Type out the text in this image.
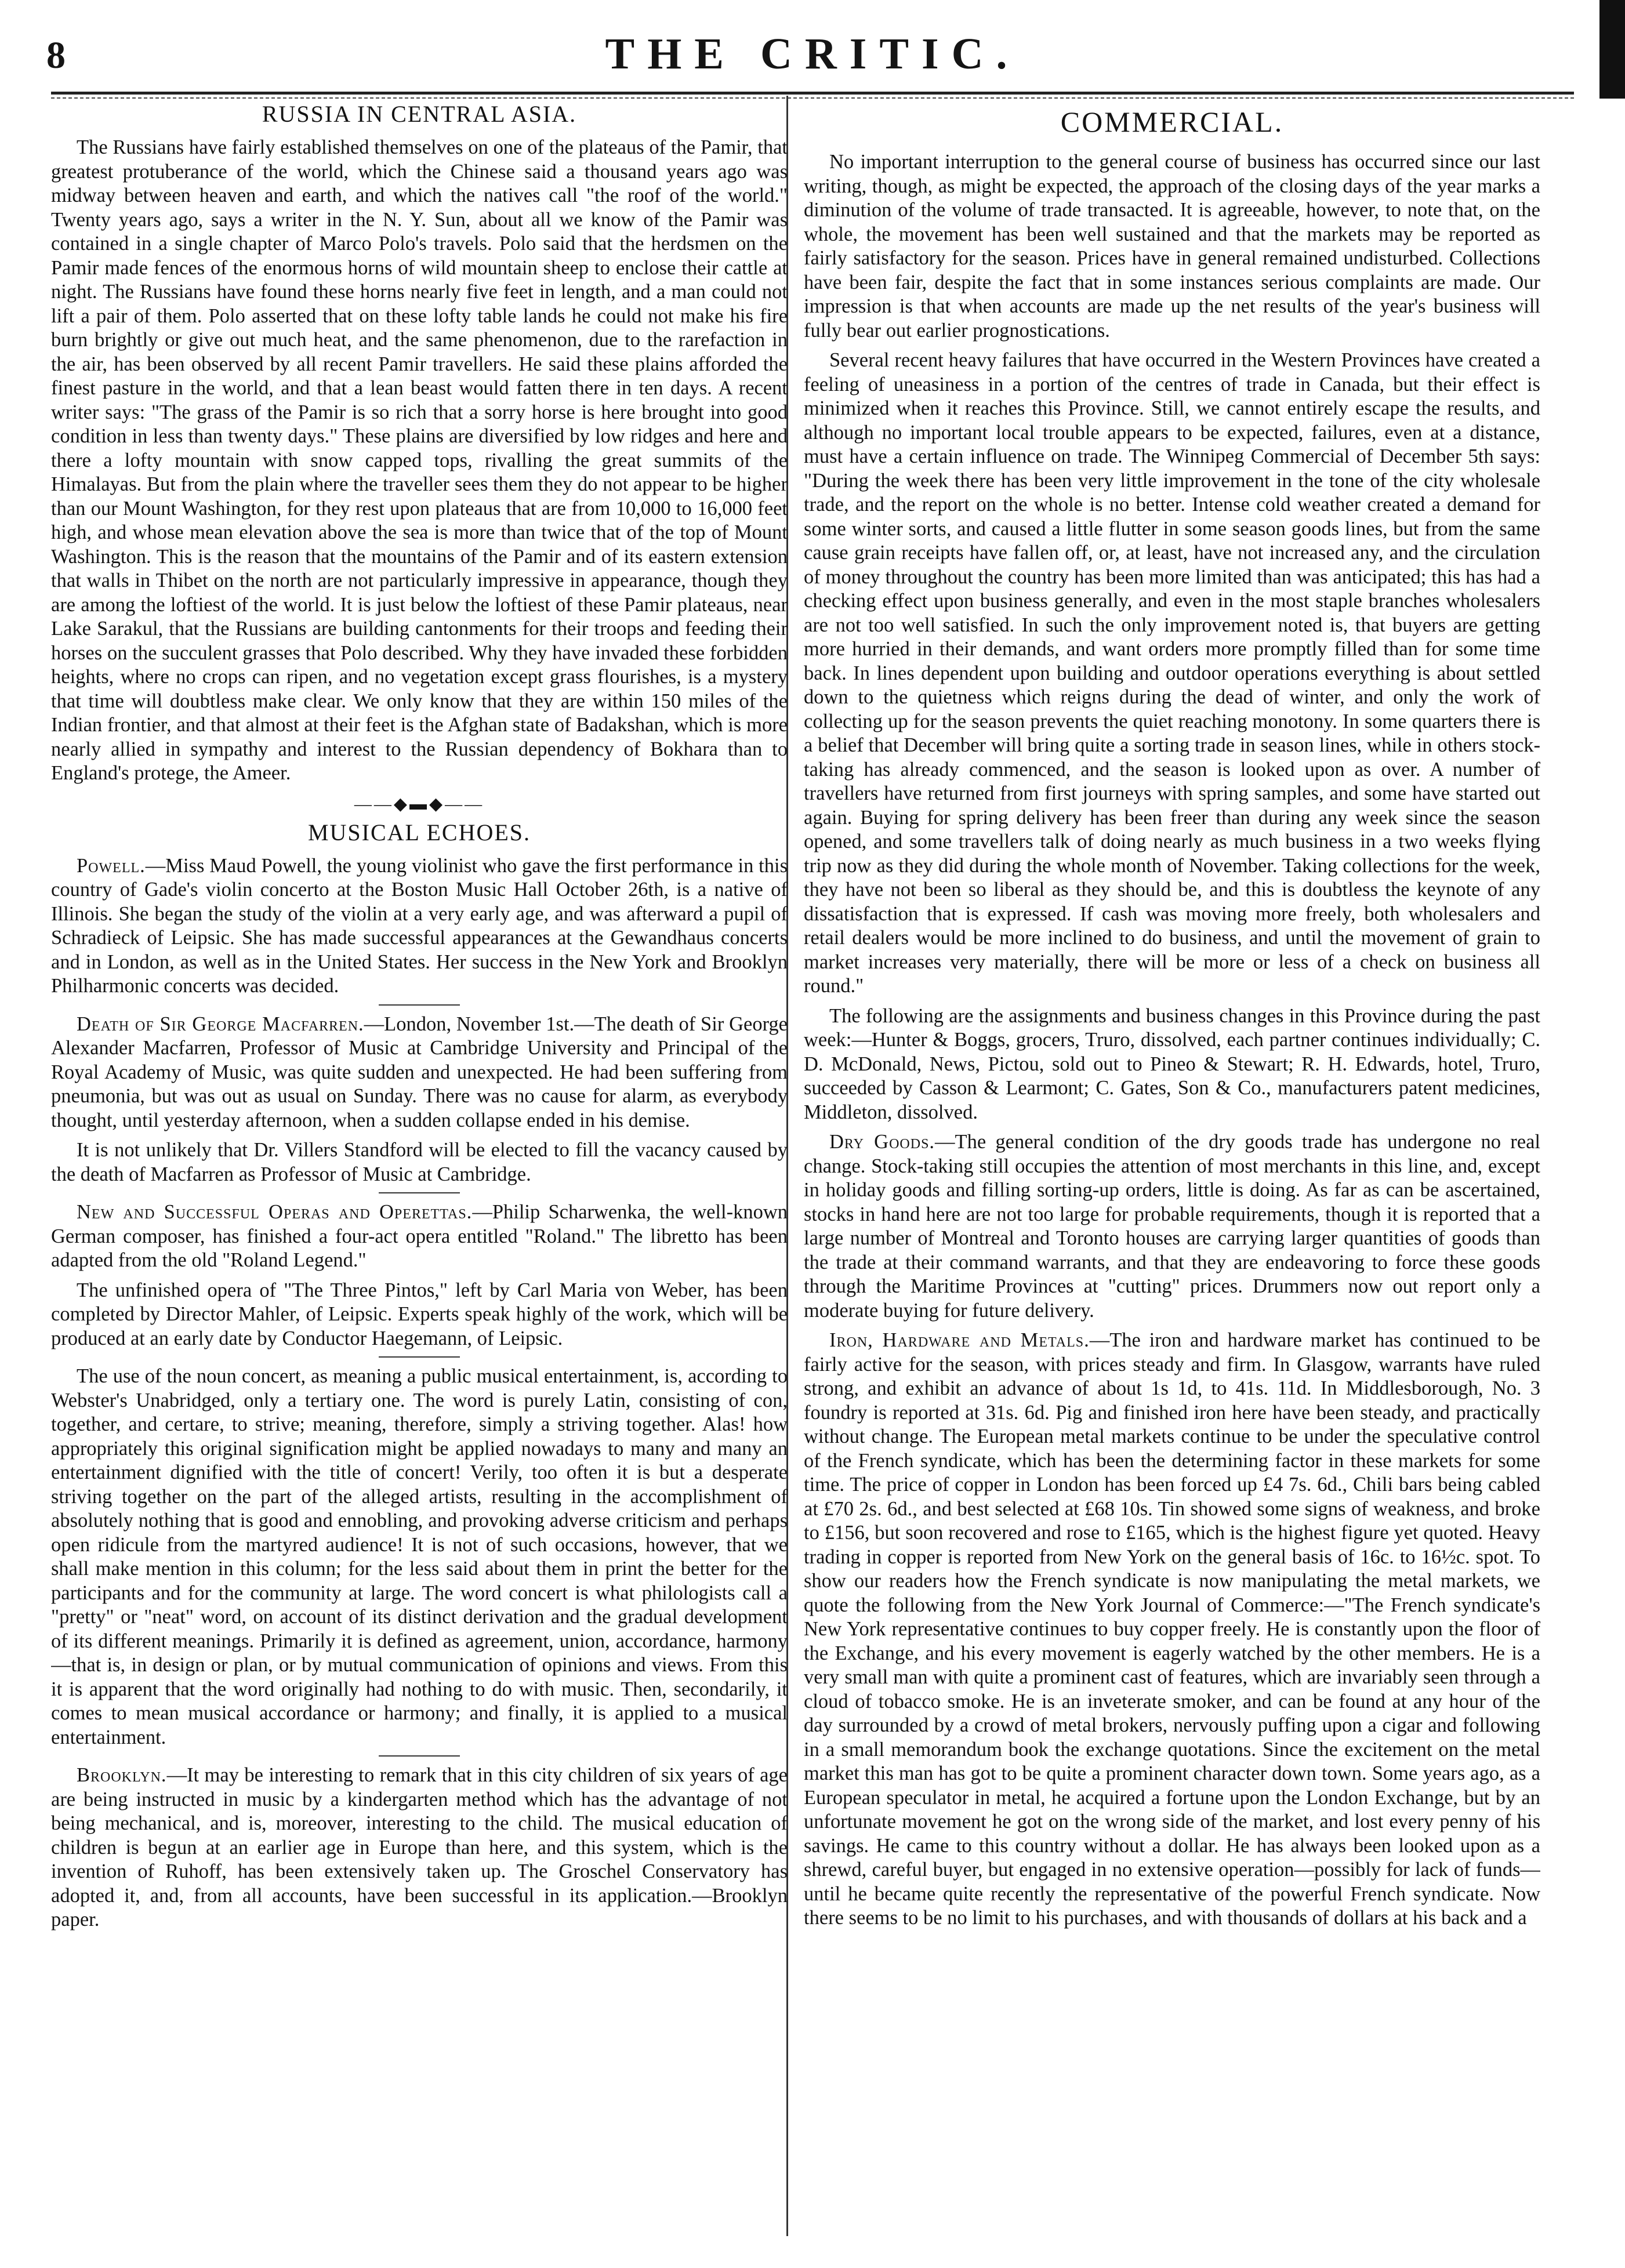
8	THE CRITIC.
RUSSIA IN CENTRAL ASIA.

The Russians have fairly established themselves on one of the plateaus of the Pamir, that greatest protuberance of the world, which the Chinese said a thousand years ago was midway between heaven and earth, and which the natives call "the roof of the world." Twenty years ago, says a writer in the N. Y. Sun, about all we know of the Pamir was contained in a single chapter of Marco Polo's travels. Polo said that the herdsmen on the Pamir made fences of the enormous horns of wild mountain sheep to enclose their cattle at night. The Russians have found these horns nearly five feet in length, and a man could not lift a pair of them. Polo asserted that on these lofty table lands he could not make his fire burn brightly or give out much heat, and the same phenomenon, due to the rarefaction in the air, has been observed by all recent Pamir travellers. He said these plains afforded the finest pasture in the world, and that a lean beast would fatten there in ten days. A recent writer says: "The grass of the Pamir is so rich that a sorry horse is here brought into good condition in less than twenty days." These plains are diversified by low ridges and here and there a lofty mountain with snow capped tops, rivalling the great summits of the Himalayas. But from the plain where the traveller sees them they do not appear to be higher than our Mount Washington, for they rest upon plateaus that are from 10,000 to 16,000 feet high, and whose mean elevation above the sea is more than twice that of the top of Mount Washington. This is the reason that the mountains of the Pamir and of its eastern extension that walls in Thibet on the north are not particularly impressive in appearance, though they are among the loftiest of the world. It is just below the loftiest of these Pamir plateaus, near Lake Sarakul, that the Russians are building cantonments for their troops and feeding their horses on the succulent grasses that Polo described. Why they have invaded these forbidden heights, where no crops can ripen, and no vegetation except grass flourishes, is a mystery that time will doubtless make clear. We only know that they are within 150 miles of the Indian frontier, and that almost at their feet is the Afghan state of Badakshan, which is more nearly allied in sympathy and interest to the Russian dependency of Bokhara than to England's protege, the Ameer.

——◆▬◆——
MUSICAL ECHOES.

Powell.—Miss Maud Powell, the young violinist who gave the first performance in this country of Gade's violin concerto at the Boston Music Hall October 26th, is a native of Illinois. She began the study of the violin at a very early age, and was afterward a pupil of Schradieck of Leipsic. She has made successful appearances at the Gewandhaus concerts and in London, as well as in the United States. Her success in the New York and Brooklyn Philharmonic concerts was decided.

Death of Sir George Macfarren.—London, November 1st.—The death of Sir George Alexander Macfarren, Professor of Music at Cambridge University and Principal of the Royal Academy of Music, was quite sudden and unexpected. He had been suffering from pneumonia, but was out as usual on Sunday. There was no cause for alarm, as everybody thought, until yesterday afternoon, when a sudden collapse ended in his demise.

It is not unlikely that Dr. Villers Standford will be elected to fill the vacancy caused by the death of Macfarren as Professor of Music at Cambridge.

New and Successful Operas and Operettas.—Philip Scharwenka, the well-known German composer, has finished a four-act opera entitled "Roland." The libretto has been adapted from the old "Roland Legend."

The unfinished opera of "The Three Pintos," left by Carl Maria von Weber, has been completed by Director Mahler, of Leipsic. Experts speak highly of the work, which will be produced at an early date by Conductor Haegemann, of Leipsic.

The use of the noun concert, as meaning a public musical entertainment, is, according to Webster's Unabridged, only a tertiary one. The word is purely Latin, consisting of con, together, and certare, to strive; meaning, therefore, simply a striving together. Alas! how appropriately this original signification might be applied nowadays to many and many an entertainment dignified with the title of concert! Verily, too often it is but a desperate striving together on the part of the alleged artists, resulting in the accomplishment of absolutely nothing that is good and ennobling, and provoking adverse criticism and perhaps open ridicule from the martyred audience! It is not of such occasions, however, that we shall make mention in this column; for the less said about them in print the better for the participants and for the community at large. The word concert is what philologists call a "pretty" or "neat" word, on account of its distinct derivation and the gradual development of its different meanings. Primarily it is defined as agreement, union, accordance, harmony—that is, in design or plan, or by mutual communication of opinions and views. From this it is apparent that the word originally had nothing to do with music. Then, secondarily, it comes to mean musical accordance or harmony; and finally, it is applied to a musical entertainment.

Brooklyn.—It may be interesting to remark that in this city children of six years of age are being instructed in music by a kindergarten method which has the advantage of not being mechanical, and is, moreover, interesting to the child. The musical education of children is begun at an earlier age in Europe than here, and this system, which is the invention of Ruhoff, has been extensively taken up. The Groschel Conservatory has adopted it, and, from all accounts, have been successful in its application.—Brooklyn paper.

COMMERCIAL.

No important interruption to the general course of business has occurred since our last writing, though, as might be expected, the approach of the closing days of the year marks a diminution of the volume of trade transacted. It is agreeable, however, to note that, on the whole, the movement has been well sustained and that the markets may be reported as fairly satisfactory for the season. Prices have in general remained undisturbed. Collections have been fair, despite the fact that in some instances serious complaints are made. Our impression is that when accounts are made up the net results of the year's business will fully bear out earlier prognostications.

Several recent heavy failures that have occurred in the Western Provinces have created a feeling of uneasiness in a portion of the centres of trade in Canada, but their effect is minimized when it reaches this Province. Still, we cannot entirely escape the results, and although no important local trouble appears to be expected, failures, even at a distance, must have a certain influence on trade. The Winnipeg Commercial of December 5th says: "During the week there has been very little improvement in the tone of the city wholesale trade, and the report on the whole is no better. Intense cold weather created a demand for some winter sorts, and caused a little flutter in some season goods lines, but from the same cause grain receipts have fallen off, or, at least, have not increased any, and the circulation of money throughout the country has been more limited than was anticipated; this has had a checking effect upon business generally, and even in the most staple branches wholesalers are not too well satisfied. In such the only improvement noted is, that buyers are getting more hurried in their demands, and want orders more promptly filled than for some time back. In lines dependent upon building and outdoor operations everything is about settled down to the quietness which reigns during the dead of winter, and only the work of collecting up for the season prevents the quiet reaching monotony. In some quarters there is a belief that December will bring quite a sorting trade in season lines, while in others stock-taking has already commenced, and the season is looked upon as over. A number of travellers have returned from first journeys with spring samples, and some have started out again. Buying for spring delivery has been freer than during any week since the season opened, and some travellers talk of doing nearly as much business in a two weeks flying trip now as they did during the whole month of November. Taking collections for the week, they have not been so liberal as they should be, and this is doubtless the keynote of any dissatisfaction that is expressed. If cash was moving more freely, both wholesalers and retail dealers would be more inclined to do business, and until the movement of grain to market increases very materially, there will be more or less of a check on business all round."

The following are the assignments and business changes in this Province during the past week:—Hunter & Boggs, grocers, Truro, dissolved, each partner continues individually; C. D. McDonald, News, Pictou, sold out to Pineo & Stewart; R. H. Edwards, hotel, Truro, succeeded by Casson & Learmont; C. Gates, Son & Co., manufacturers patent medicines, Middleton, dissolved.

Dry Goods.—The general condition of the dry goods trade has undergone no real change. Stock-taking still occupies the attention of most merchants in this line, and, except in holiday goods and filling sorting-up orders, little is doing. As far as can be ascertained, stocks in hand here are not too large for probable requirements, though it is reported that a large number of Montreal and Toronto houses are carrying larger quantities of goods than the trade at their command warrants, and that they are endeavoring to force these goods through the Maritime Provinces at "cutting" prices. Drummers now out report only a moderate buying for future delivery.

Iron, Hardware and Metals.—The iron and hardware market has continued to be fairly active for the season, with prices steady and firm. In Glasgow, warrants have ruled strong, and exhibit an advance of about 1s 1d, to 41s. 11d. In Middlesborough, No. 3 foundry is reported at 31s. 6d. Pig and finished iron here have been steady, and practically without change. The European metal markets continue to be under the speculative control of the French syndicate, which has been the determining factor in these markets for some time. The price of copper in London has been forced up £4 7s. 6d., Chili bars being cabled at £70 2s. 6d., and best selected at £68 10s. Tin showed some signs of weakness, and broke to £156, but soon recovered and rose to £165, which is the highest figure yet quoted. Heavy trading in copper is reported from New York on the general basis of 16c. to 16½c. spot. To show our readers how the French syndicate is now manipulating the metal markets, we quote the following from the New York Journal of Commerce:—"The French syndicate's New York representative continues to buy copper freely. He is constantly upon the floor of the Exchange, and his every movement is eagerly watched by the other members. He is a very small man with quite a prominent cast of features, which are invariably seen through a cloud of tobacco smoke. He is an inveterate smoker, and can be found at any hour of the day surrounded by a crowd of metal brokers, nervously puffing upon a cigar and following in a small memorandum book the exchange quotations. Since the excitement on the metal market this man has got to be quite a prominent character down town. Some years ago, as a European speculator in metal, he acquired a fortune upon the London Exchange, but by an unfortunate movement he got on the wrong side of the market, and lost every penny of his savings. He came to this country without a dollar. He has always been looked upon as a shrewd, careful buyer, but engaged in no extensive operation—possibly for lack of funds—until he became quite recently the representative of the powerful French syndicate. Now there seems to be no limit to his purchases, and with thousands of dollars at his back and a
